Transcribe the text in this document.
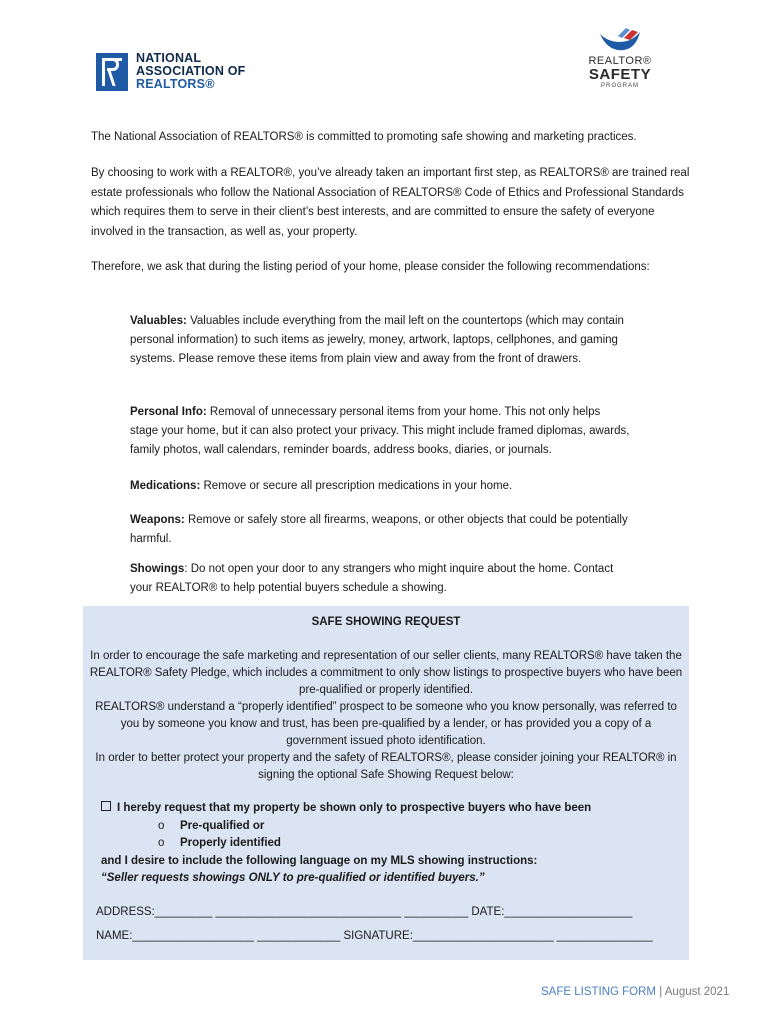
NATIONAL
ASSOCIATION OF
REALTORS®
REALTOR®
SAFETY
PROGRAM
The National Association of REALTORS® is committed to promoting safe showing and marketing practices.
By choosing to work with a REALTOR®, you’ve already taken an important first step, as REALTORS® are trained real estate professionals who follow the National Association of REALTORS® Code of Ethics and Professional Standards which requires them to serve in their client’s best interests, and are committed to ensure the safety of everyone involved in the transaction, as well as, your property.
Therefore, we ask that during the listing period of your home, please consider the following recommendations:
Valuables: Valuables include everything from the mail left on the countertops (which may contain personal information) to such items as jewelry, money, artwork, laptops, cellphones, and gaming systems. Please remove these items from plain view and away from the front of drawers.
Personal Info: Removal of unnecessary personal items from your home. This not only helps stage your home, but it can also protect your privacy. This might include framed diplomas, awards, family photos, wall calendars, reminder boards, address books, diaries, or journals.
Medications: Remove or secure all prescription medications in your home.
Weapons: Remove or safely store all firearms, weapons, or other objects that could be potentially harmful.
Showings: Do not open your door to any strangers who might inquire about the home. Contact your REALTOR® to help potential buyers schedule a showing.
SAFE SHOWING REQUEST
In order to encourage the safe marketing and representation of our seller clients, many REALTORS® have taken the REALTOR® Safety Pledge, which includes a commitment to only show listings to prospective buyers who have been pre-qualified or properly identified.
REALTORS® understand a “properly identified” prospect to be someone who you know personally, was referred to you by someone you know and trust, has been pre-qualified by a lender, or has provided you a copy of a government issued photo identification.
In order to better protect your property and the safety of REALTORS®, please consider joining your REALTOR® in signing the optional Safe Showing Request below:
I hereby request that my property be shown only to prospective buyers who have been
o Pre-qualified or
o Properly identified
and I desire to include the following language on my MLS showing instructions:
“Seller requests showings ONLY to pre-qualified or identified buyers.”
ADDRESS:_________ _____________________________ __________ DATE:____________________
NAME:___________________ _____________ SIGNATURE:______________________ _______________
SAFE LISTING FORM | August 2021
